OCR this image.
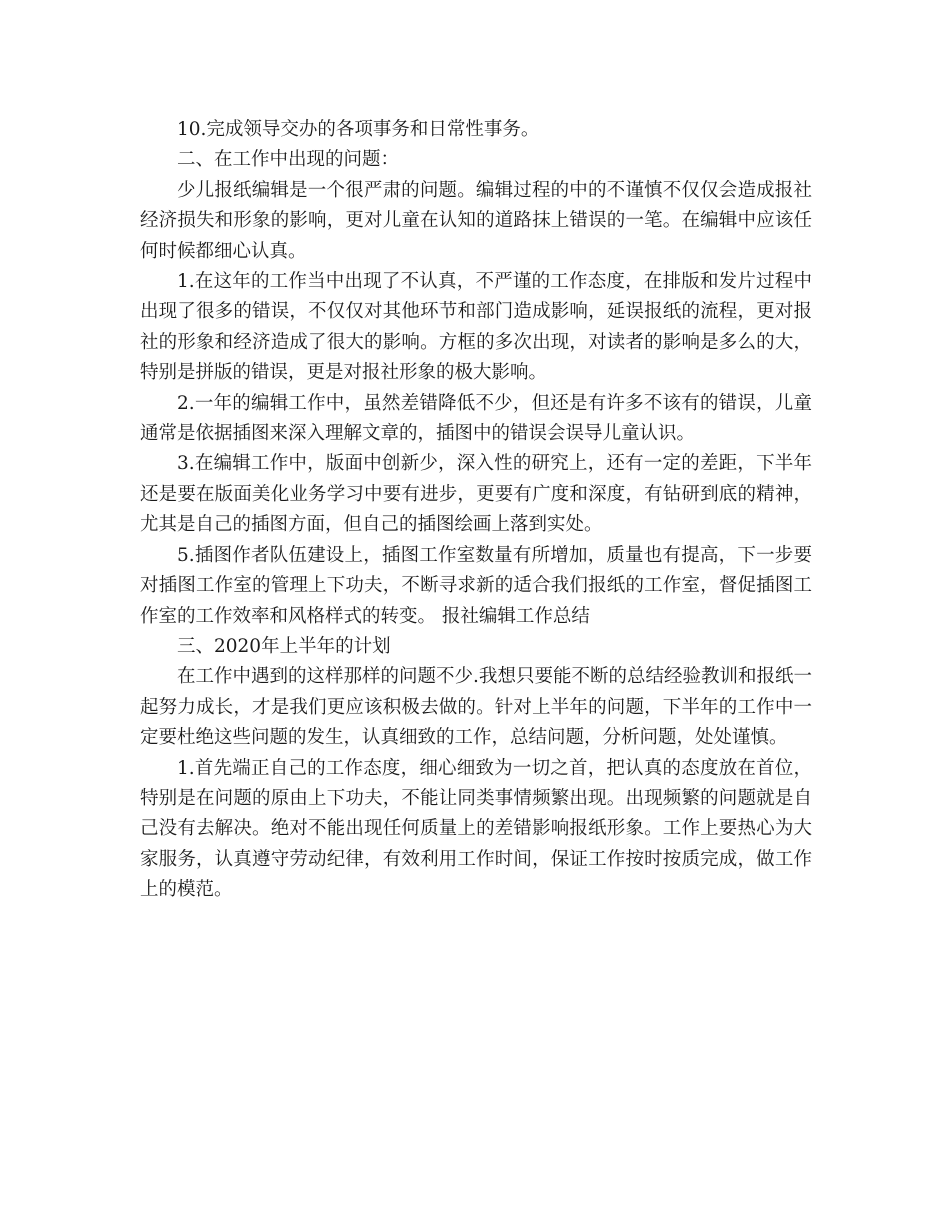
10.完成领导交办的各项事务和日常性事务。

二、在工作中出现的问题：

少儿报纸编辑是一个很严肃的问题。编辑过程的中的不谨慎不仅仅会造成报社经济损失和形象的影响，更对儿童在认知的道路抹上错误的一笔。在编辑中应该任何时候都细心认真。

1.在这年的工作当中出现了不认真，不严谨的工作态度，在排版和发片过程中出现了很多的错误，不仅仅对其他环节和部门造成影响，延误报纸的流程，更对报社的形象和经济造成了很大的影响。方框的多次出现，对读者的影响是多么的大，特别是拼版的错误，更是对报社形象的极大影响。

2.一年的编辑工作中，虽然差错降低不少，但还是有许多不该有的错误，儿童通常是依据插图来深入理解文章的，插图中的错误会误导儿童认识。

3.在编辑工作中，版面中创新少，深入性的研究上，还有一定的差距，下半年还是要在版面美化业务学习中要有进步，更要有广度和深度，有钻研到底的精神，尤其是自己的插图方面，但自己的插图绘画上落到实处。

5.插图作者队伍建设上，插图工作室数量有所增加，质量也有提高，下一步要对插图工作室的管理上下功夫，不断寻求新的适合我们报纸的工作室，督促插图工作室的工作效率和风格样式的转变。 报社编辑工作总结

三、2020年上半年的计划

在工作中遇到的这样那样的问题不少.我想只要能不断的总结经验教训和报纸一起努力成长，才是我们更应该积极去做的。针对上半年的问题，下半年的工作中一定要杜绝这些问题的发生，认真细致的工作，总结问题，分析问题，处处谨慎。

1.首先端正自己的工作态度，细心细致为一切之首，把认真的态度放在首位，特别是在问题的原由上下功夫，不能让同类事情频繁出现。出现频繁的问题就是自己没有去解决。绝对不能出现任何质量上的差错影响报纸形象。工作上要热心为大家服务，认真遵守劳动纪律，有效利用工作时间，保证工作按时按质完成，做工作上的模范。
